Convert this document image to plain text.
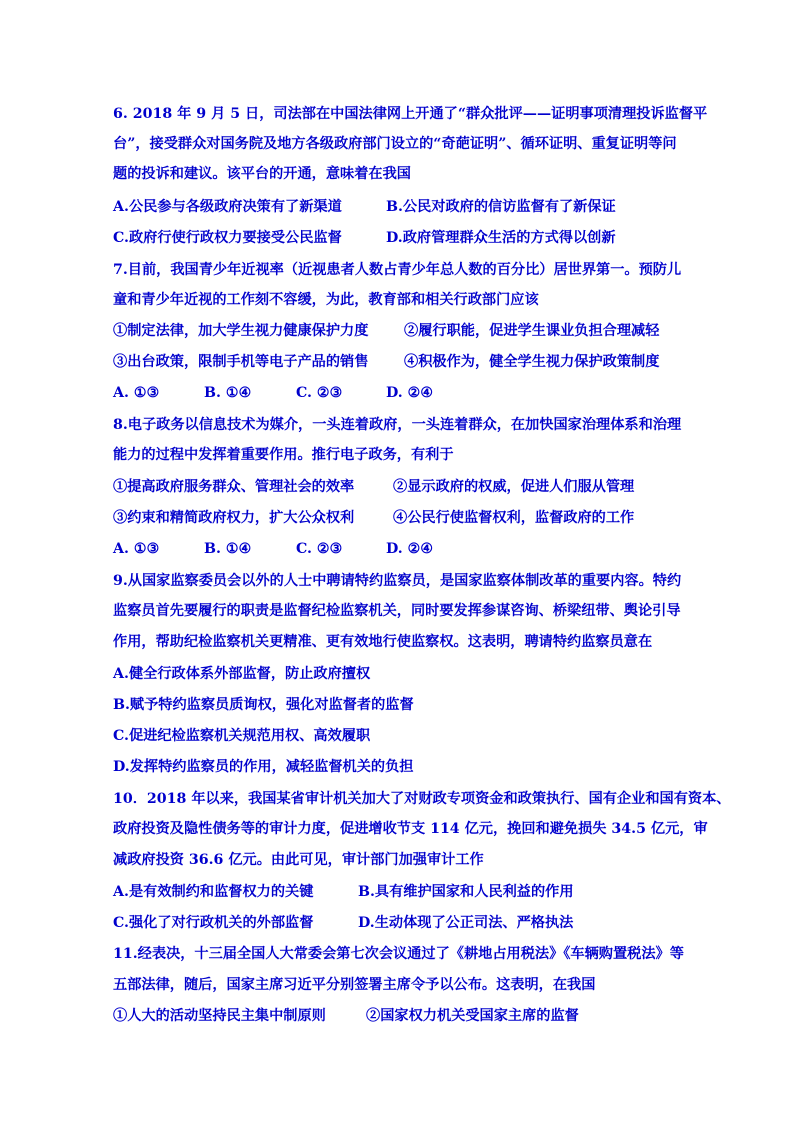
6. 2018 年 9 月 5 日，司法部在中国法律网上开通了“群众批评——证明事项清理投诉监督平
台”，接受群众对国务院及地方各级政府部门设立的“奇葩证明”、循环证明、重复证明等问
题的投诉和建议。该平台的开通，意味着在我国
A.公民参与各级政府决策有了新渠道	B.公民对政府的信访监督有了新保证
C.政府行使行政权力要接受公民监督	D.政府管理群众生活的方式得以创新
7.目前，我国青少年近视率（近视患者人数占青少年总人数的百分比）居世界第一。预防儿
童和青少年近视的工作刻不容缓，为此，教育部和相关行政部门应该
①制定法律，加大学生视力健康保护力度	②履行职能，促进学生课业负担合理减轻
③出台政策，限制手机等电子产品的销售	④积极作为，健全学生视力保护政策制度
A. ①③	B. ①④	C. ②③	D. ②④
8.电子政务以信息技术为媒介，一头连着政府，一头连着群众，在加快国家治理体系和治理
能力的过程中发挥着重要作用。推行电子政务，有利于
①提高政府服务群众、管理社会的效率	②显示政府的权威，促进人们服从管理
③约束和精简政府权力，扩大公众权利	④公民行使监督权利，监督政府的工作
A. ①③	B. ①④	C. ②③	D. ②④
9.从国家监察委员会以外的人士中聘请特约监察员，是国家监察体制改革的重要内容。特约
监察员首先要履行的职责是监督纪检监察机关，同时要发挥参谋咨询、桥梁纽带、舆论引导
作用，帮助纪检监察机关更精准、更有效地行使监察权。这表明，聘请特约监察员意在
A.健全行政体系外部监督，防止政府擅权
B.赋予特约监察员质询权，强化对监督者的监督
C.促进纪检监察机关规范用权、高效履职
D.发挥特约监察员的作用，减轻监督机关的负担
10．2018 年以来，我国某省审计机关加大了对财政专项资金和政策执行、国有企业和国有资本、
政府投资及隐性债务等的审计力度，促进增收节支 114 亿元，挽回和避免损失 34.5 亿元，审
减政府投资 36.6 亿元。由此可见，审计部门加强审计工作
A.是有效制约和监督权力的关键	B.具有维护国家和人民利益的作用
C.强化了对行政机关的外部监督	D.生动体现了公正司法、严格执法
11.经表决，十三届全国人大常委会第七次会议通过了《耕地占用税法》《车辆购置税法》等
五部法律，随后，国家主席习近平分别签署主席令予以公布。这表明，在我国
①人大的活动坚持民主集中制原则	②国家权力机关受国家主席的监督
